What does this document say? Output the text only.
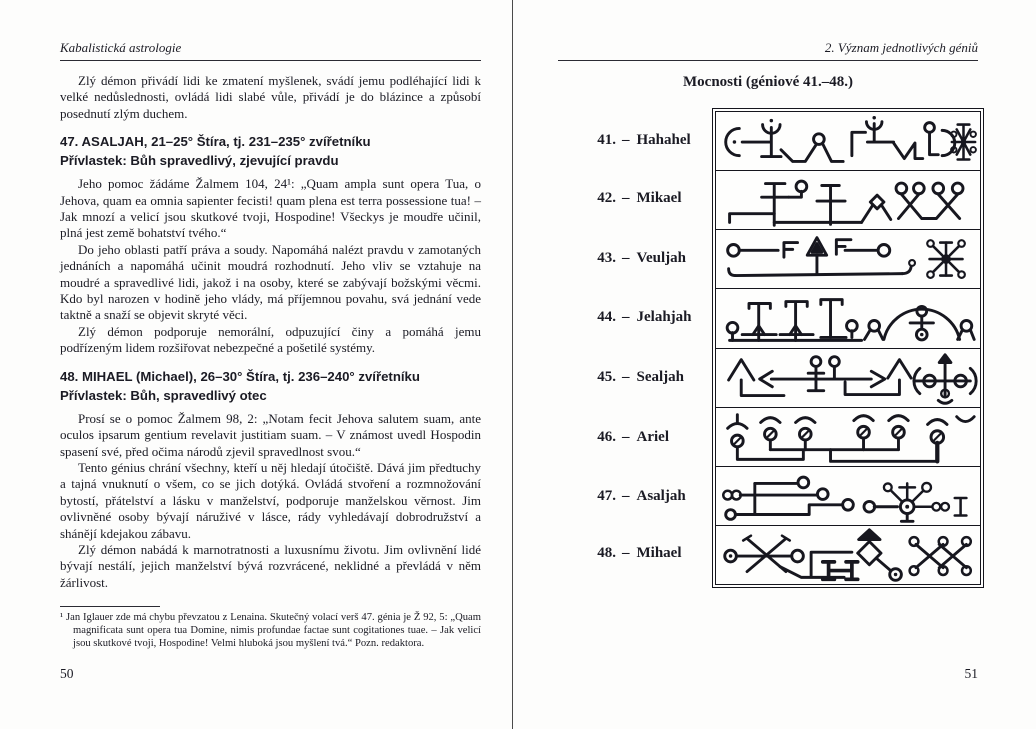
Kabalistická astrologie

Zlý démon přivádí lidi ke zmatení myšlenek, svádí jemu podléhající lidi k velké nedůslednosti, ovládá lidi slabé vůle, přivádí je do blázince a způsobí posednutí zlým duchem.

47. ASALJAH, 21–25° Štíra, tj. 231–235° zvířetníku
Přívlastek: Bůh spravedlivý, zjevující pravdu

Jeho pomoc žádáme Žalmem 104, 24¹: „Quam ampla sunt opera Tua, o Jehova, quam ea omnia sapienter fecisti! quam plena est terra possessione tua! – Jak mnozí a velicí jsou skutkové tvoji, Hospodine! Všeckys je moudře učinil, plná jest země bohatství tvého.“

Do jeho oblasti patří práva a soudy. Napomáhá nalézt pravdu v zamotaných jednáních a napomáhá učinit moudrá rozhodnutí. Jeho vliv se vztahuje na moudré a spravedlivé lidi, jakož i na osoby, které se zabývají božskými věcmi. Kdo byl narozen v hodině jeho vlády, má příjemnou povahu, svá jednání vede taktně a snaží se objevit skryté věci.

Zlý démon podporuje nemorální, odpuzující činy a pomáhá jemu podřízeným lidem rozšiřovat nebezpečné a pošetilé systémy.

48. MIHAEL (Michael), 26–30° Štíra, tj. 236–240° zvířetníku
Přívlastek: Bůh, spravedlivý otec

Prosí se o pomoc Žalmem 98, 2: „Notam fecit Jehova salutem suam, ante oculos ipsarum gentium revelavit justitiam suam. – V známost uvedl Hospodin spasení své, před očima národů zjevil spravedlnost svou.“

Tento génius chrání všechny, kteří u něj hledají útočiště. Dává jim předtuchy a tajná vnuknutí o všem, co se jich dotýká. Ovládá stvoření a rozmnožování bytostí, přátelství a lásku v manželství, podporuje manželskou věrnost. Jim ovlivněné osoby bývají náruživé v lásce, rády vyhledávají dobrodružství a shánějí kdejakou zábavu.

Zlý démon nabádá k marnotratnosti a luxusnímu životu. Jim ovlivnění lidé bývají nestálí, jejich manželství bývá rozvrácené, neklidné a převládá v něm žárlivost.

¹ Jan Iglauer zde má chybu převzatou z Lenaina. Skutečný volací verš 47. génia je Ž 92, 5: „Quam magnificata sunt opera tua Domine, nimis profundae factae sunt cogitationes tuae. – Jak velicí jsou skutkové tvoji, Hospodine! Velmi hluboká jsou myšlení tvá.“ Pozn. redaktora.
50
2. Význam jednotlivých géniů
Mocnosti (géniové 41.–48.)
41. – Hahahel
42. – Mikael
43. – Veuljah
44. – Jelahjah
45. – Sealjah
46. – Ariel
47. – Asaljah
48. – Mihael
51
